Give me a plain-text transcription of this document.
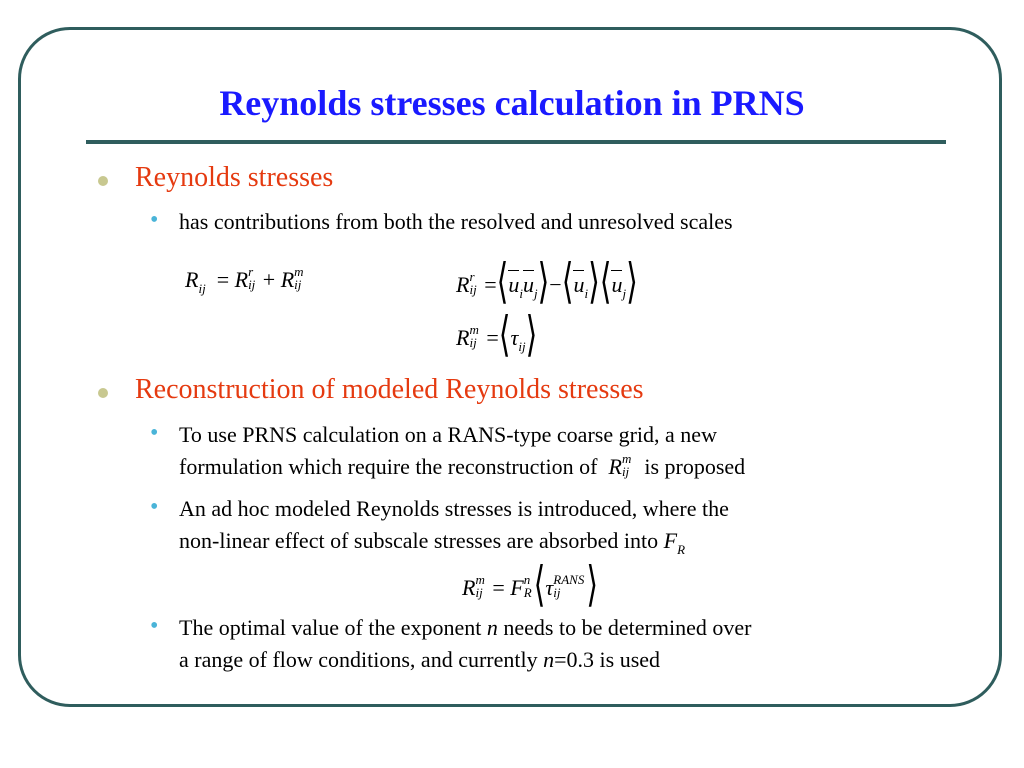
Reynolds stresses calculation in PRNS
Reynolds stresses
• has contributions from both the resolved and unresolved scales
$R_{ij} = R$ r
ij + R m
ij	R r
ij $=⟨u_iu_j⟩-⟨u_i⟩⟨u_j⟩$
R m
ij $=⟨\tau_{ij}⟩$
Reconstruction of modeled Reynolds stresses
• To use PRNS calculation on a RANS-type coarse grid, a new
formulation which require the reconstruction of R m
ij is proposed
• An ad hoc modeled Reynolds stresses is introduced, where the
non-linear effect of subscale stresses are absorbed into $F_R$
R m
ij = F n
R ⟨τ RANS
ij ⟩
• The optimal value of the exponent n needs to be determined over
a range of flow conditions, and currently n=0.3 is used
